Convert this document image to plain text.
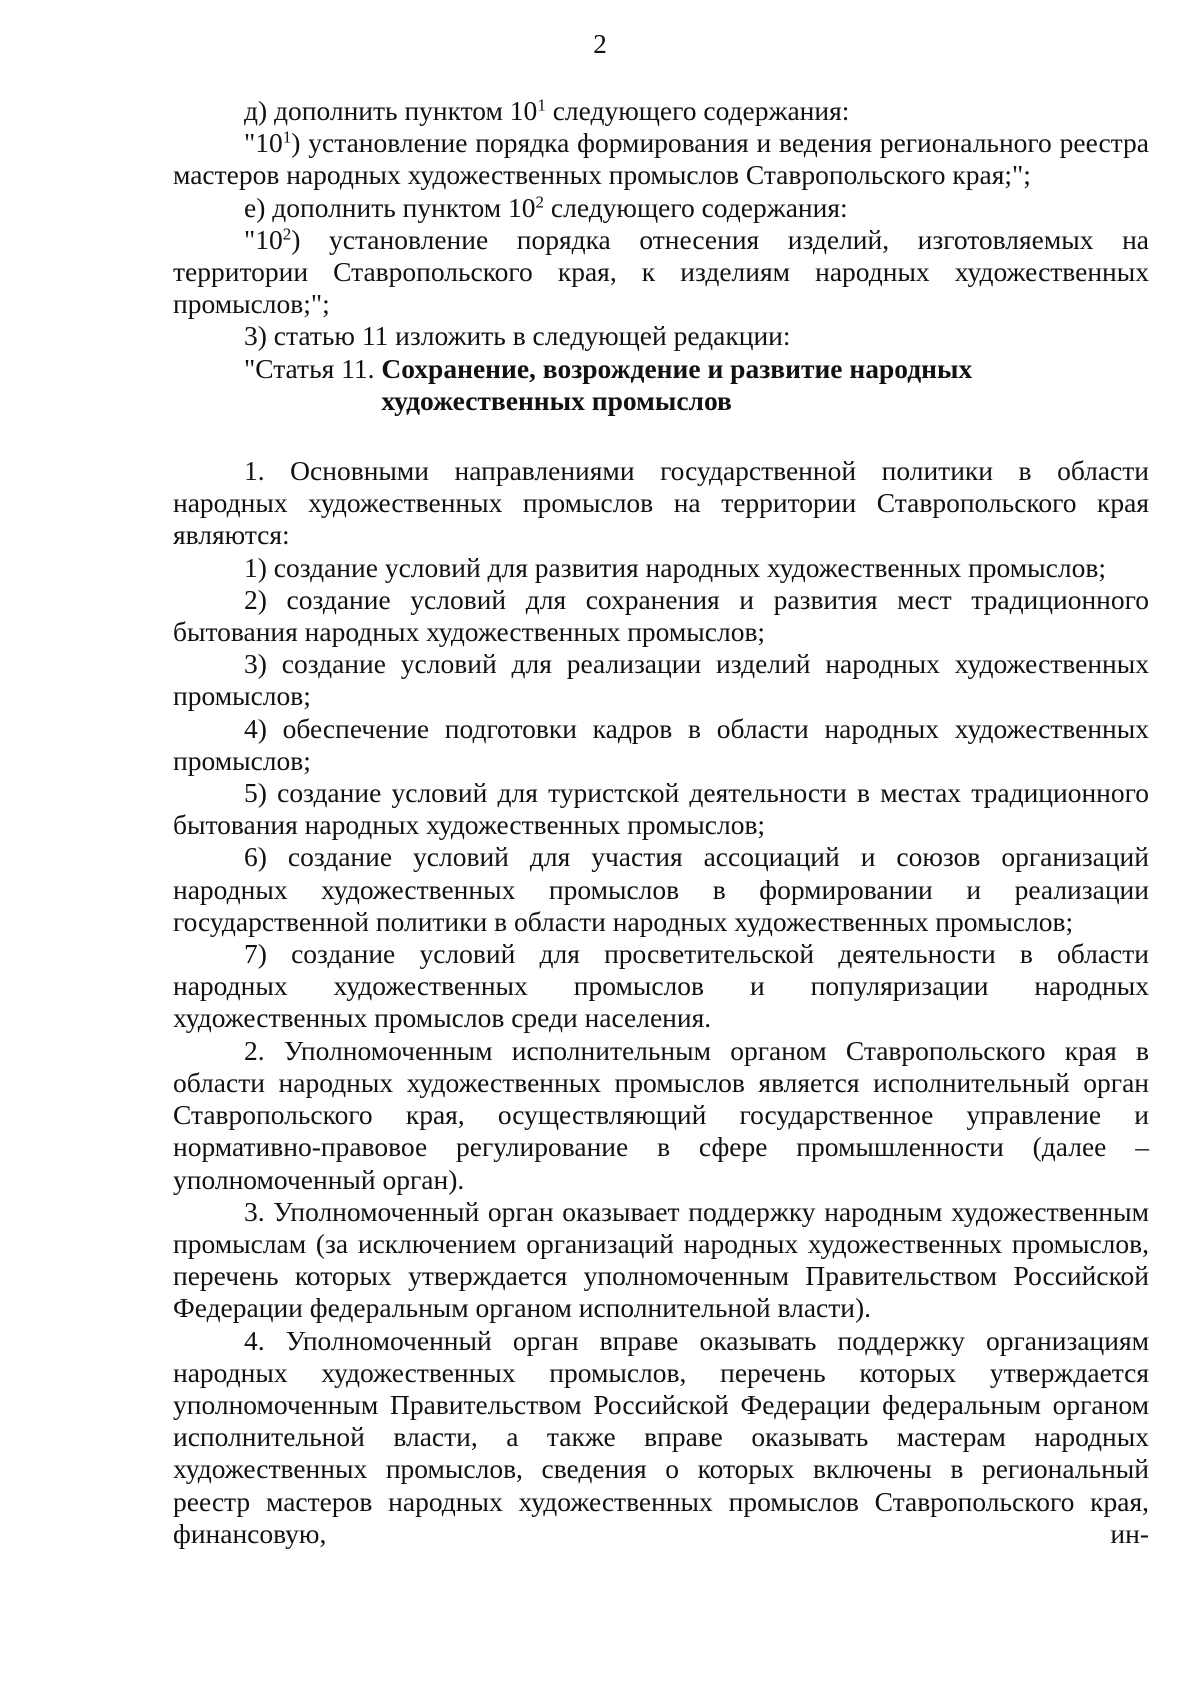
2

д) дополнить пунктом $10^1$ следующего содержания:

"$10^1$) установление порядка формирования и ведения регионального реестра мастеров народных художественных промыслов Ставропольского края;";

е) дополнить пунктом $10^2$ следующего содержания:

"$10^2$) установление порядка отнесения изделий, изготовляемых на территории Ставропольского края, к изделиям народных художественных промыслов;";

3) статью 11 изложить в следующей редакции:

"Статья 11. Сохранение, возрождение и развитие народных художественных промыслов

1. Основными направлениями государственной политики в области народных художественных промыслов на территории Ставропольского края являются:

1) создание условий для развития народных художественных промыслов;

2) создание условий для сохранения и развития мест традиционного бытования народных художественных промыслов;

3) создание условий для реализации изделий народных художественных промыслов;

4) обеспечение подготовки кадров в области народных художественных промыслов;

5) создание условий для туристской деятельности в местах традиционного бытования народных художественных промыслов;

6) создание условий для участия ассоциаций и союзов организаций народных художественных промыслов в формировании и реализации государственной политики в области народных художественных промыслов;

7) создание условий для просветительской деятельности в области народных художественных промыслов и популяризации народных художественных промыслов среди населения.

2. Уполномоченным исполнительным органом Ставропольского края в области народных художественных промыслов является исполнительный орган Ставропольского края, осуществляющий государственное управление и нормативно-правовое регулирование в сфере промышленности (далее – уполномоченный орган).

3. Уполномоченный орган оказывает поддержку народным художественным промыслам (за исключением организаций народных художественных промыслов, перечень которых утверждается уполномоченным Правительством Российской Федерации федеральным органом исполнительной власти).

4. Уполномоченный орган вправе оказывать поддержку организациям народных художественных промыслов, перечень которых утверждается уполномоченным Правительством Российской Федерации федеральным органом исполнительной власти, а также вправе оказывать мастерам народных художественных промыслов, сведения о которых включены в региональный реестр мастеров народных художественных промыслов Ставропольского края, финансовую, ин-
